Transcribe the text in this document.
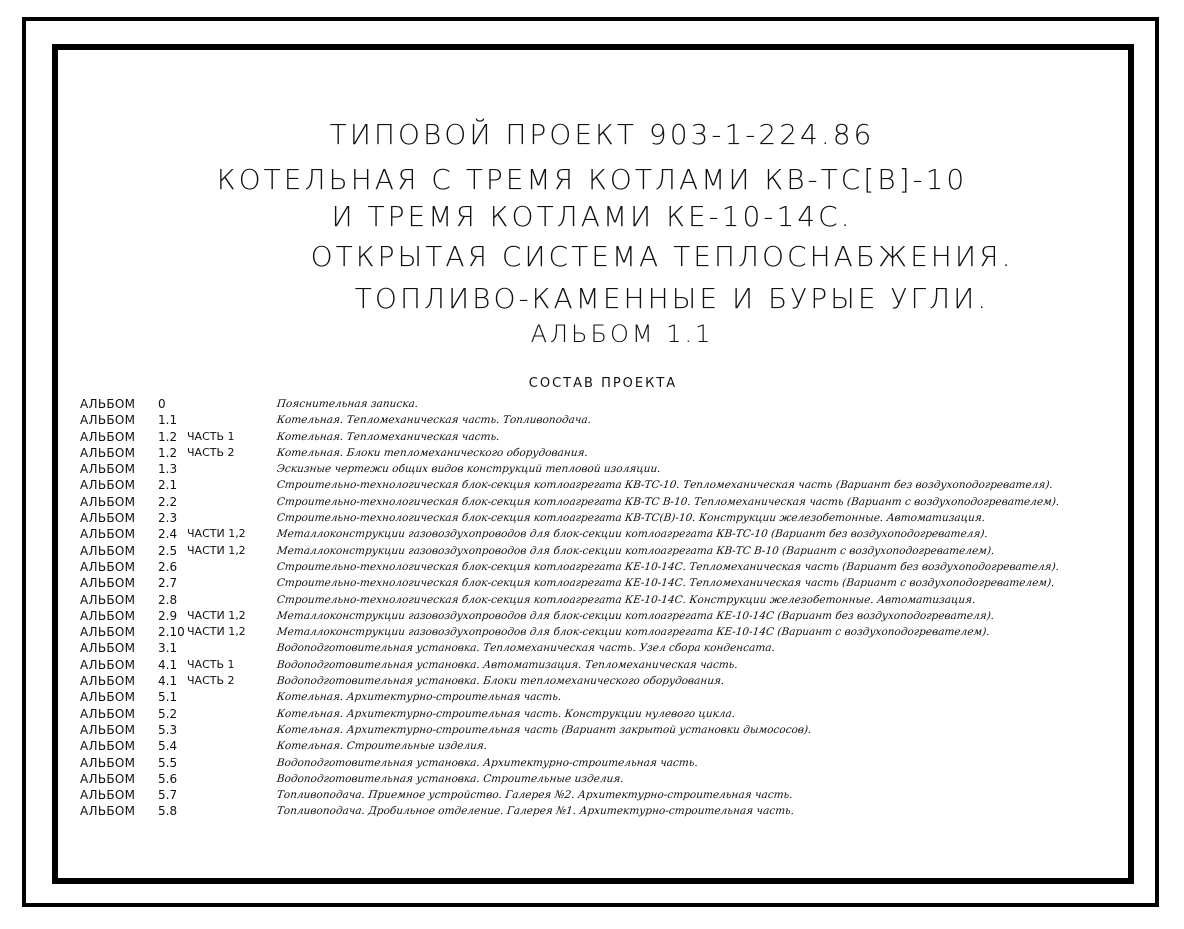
ТИПОВОЙ ПРОЕКТ 903-1-224.86
КОТЕЛЬНАЯ С ТРЕМЯ КОТЛАМИ КВ-ТС[В]-10
И ТРЕМЯ КОТЛАМИ КЕ-10-14С.
ОТКРЫТАЯ СИСТЕМА ТЕПЛОСНАБЖЕНИЯ.
ТОПЛИВО-КАМЕННЫЕ И БУРЫЕ УГЛИ.
АЛЬБОМ 1.1
СОСТАВ ПРОЕКТА
АЛЬБОМ 0	Пояснительная записка.
АЛЬБОМ 1.1	Котельная. Тепломеханическая часть. Топливоподача.
АЛЬБОМ 1.2 ЧАСТЬ 1	Котельная. Тепломеханическая часть.
АЛЬБОМ 1.2 ЧАСТЬ 2	Котельная. Блоки тепломеханического оборудования.
АЛЬБОМ 1.3	Эскизные чертежи общих видов конструкций тепловой изоляции.
АЛЬБОМ 2.1	Строительно-технологическая блок-секция котлоагрегата КВ-ТС-10. Тепломеханическая часть (Вариант без воздухоподогревателя).
АЛЬБОМ 2.2	Строительно-технологическая блок-секция котлоагрегата КВ-ТС В-10. Тепломеханическая часть (Вариант с воздухоподогревателем).
АЛЬБОМ 2.3	Строительно-технологическая блок-секция котлоагрегата КВ-ТС(В)-10. Конструкции железобетонные. Автоматизация.
АЛЬБОМ 2.4 ЧАСТИ 1,2	Металлоконструкции газовоздухопроводов для блок-секции котлоагрегата КВ-ТС-10 (Вариант без воздухоподогревателя).
АЛЬБОМ 2.5 ЧАСТИ 1,2	Металлоконструкции газовоздухопроводов для блок-секции котлоагрегата КВ-ТС В-10 (Вариант с воздухоподогревателем).
АЛЬБОМ 2.6	Строительно-технологическая блок-секция котлоагрегата КЕ-10-14С. Тепломеханическая часть (Вариант без воздухоподогревателя).
АЛЬБОМ 2.7	Строительно-технологическая блок-секция котлоагрегата КЕ-10-14С. Тепломеханическая часть (Вариант с воздухоподогревателем).
АЛЬБОМ 2.8	Строительно-технологическая блок-секция котлоагрегата КЕ-10-14С. Конструкции железобетонные. Автоматизация.
АЛЬБОМ 2.9 ЧАСТИ 1,2	Металлоконструкции газовоздухопроводов для блок-секции котлоагрегата КЕ-10-14С (Вариант без воздухоподогревателя).
АЛЬБОМ 2.10 ЧАСТИ 1,2	Металлоконструкции газовоздухопроводов для блок-секции котлоагрегата КЕ-10-14С (Вариант с воздухоподогревателем).
АЛЬБОМ 3.1	Водоподготовительная установка. Тепломеханическая часть. Узел сбора конденсата.
АЛЬБОМ 4.1 ЧАСТЬ 1	Водоподготовительная установка. Автоматизация. Тепломеханическая часть.
АЛЬБОМ 4.1 ЧАСТЬ 2	Водоподготовительная установка. Блоки тепломеханического оборудования.
АЛЬБОМ 5.1	Котельная. Архитектурно-строительная часть.
АЛЬБОМ 5.2	Котельная. Архитектурно-строительная часть. Конструкции нулевого цикла.
АЛЬБОМ 5.3	Котельная. Архитектурно-строительная часть (Вариант закрытой установки дымососов).
АЛЬБОМ 5.4	Котельная. Строительные изделия.
АЛЬБОМ 5.5	Водоподготовительная установка. Архитектурно-строительная часть.
АЛЬБОМ 5.6	Водоподготовительная установка. Строительные изделия.
АЛЬБОМ 5.7	Топливоподача. Приемное устройство. Галерея №2. Архитектурно-строительная часть.
АЛЬБОМ 5.8	Топливоподача. Дробильное отделение. Галерея №1. Архитектурно-строительная часть.
